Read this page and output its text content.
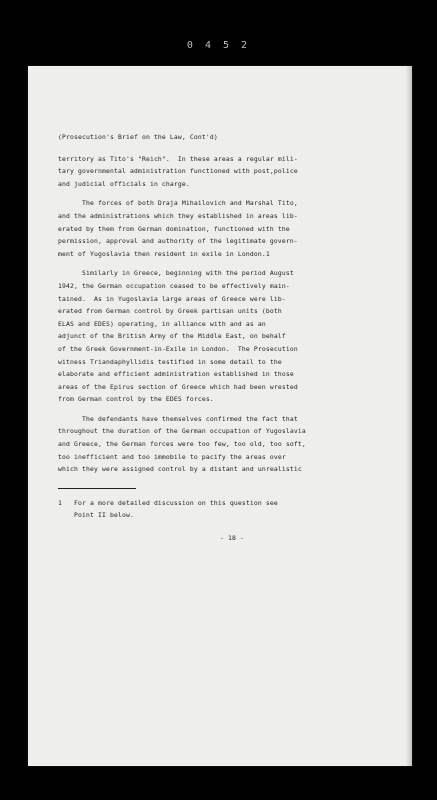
0 4 5 2
(Prosecution's Brief on the Law, Cont'd)
territory as Tito's "Reich".  In these areas a regular mili-
tary governmental administration functioned with post,police
and judicial officials in charge.
The forces of both Draja Mihailovich and Marshal Tito,
and the administrations which they established in areas lib-
erated by them from German domination, functioned with the
permission, approval and authority of the legitimate govern-
ment of Yugoslavia then resident in exile in London.1
Similarly in Greece, beginning with the period August
1942, the German occupation ceased to be effectively main-
tained.  As in Yugoslavia large areas of Greece were lib-
erated from German control by Greek partisan units (both
ELAS and EDES) operating, in alliance with and as an
adjunct of the British Army of the Middle East, on behalf
of the Greek Government-in-Exile in London.  The Prosecution
witness Triandaphyllidis testified in some detail to the
elaborate and efficient administration established in those
areas of the Epirus section of Greece which had been wrested
from German control by the EDES forces.
The defendants have themselves confirmed the fact that
throughout the duration of the German occupation of Yugoslavia
and Greece, the German forces were too few, too old, too soft,
too inefficient and too immobile to pacify the areas over
which they were assigned control by a distant and unrealistic
1   For a more detailed discussion on this question see
Point II below.
- 18 -
